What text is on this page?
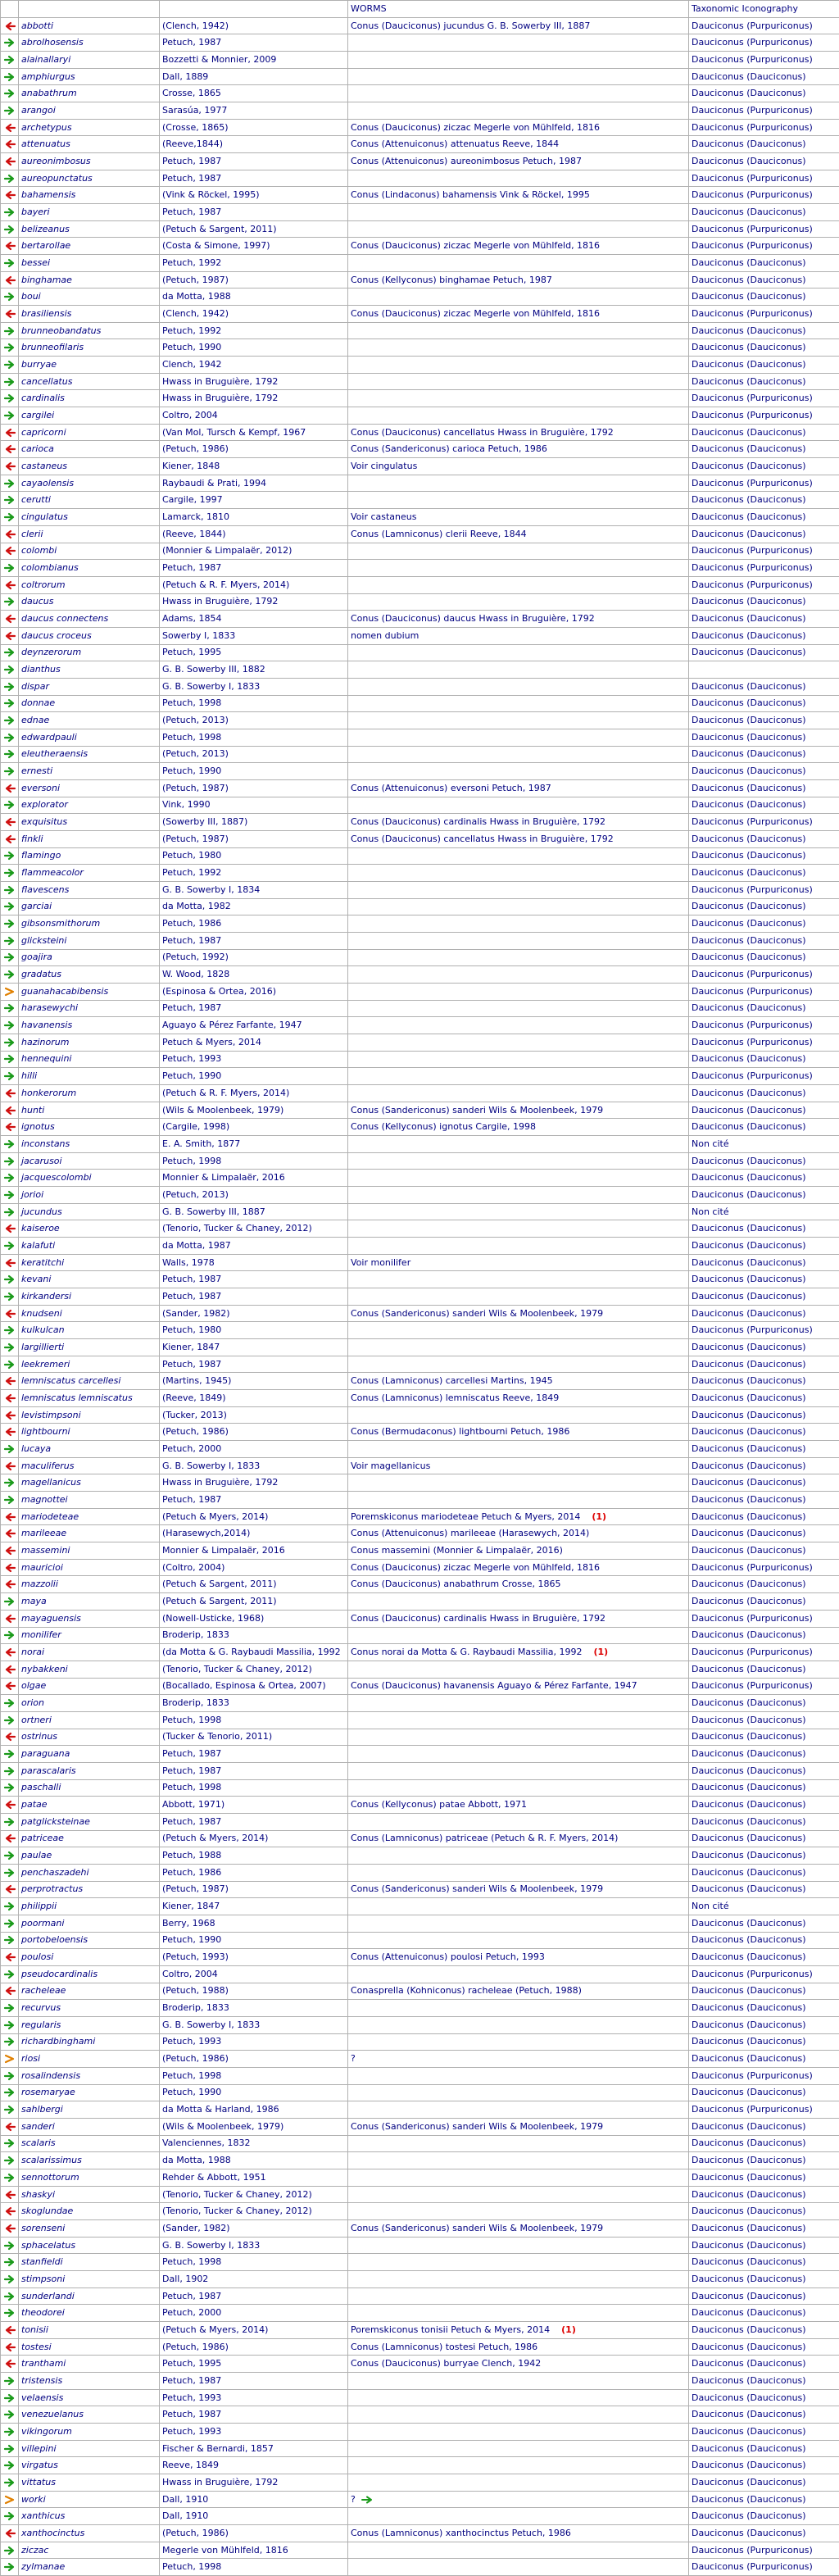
			WORMS	Taxonomic Iconography

	abbotti	(Clench, 1942)	Conus (Dauciconus) jucundus G. B. Sowerby III, 1887	Dauciconus (Purpuriconus)

	abrolhosensis	Petuch, 1987		Dauciconus (Purpuriconus)

	alainallaryi	Bozzetti & Monnier, 2009		Dauciconus (Purpuriconus)

	amphiurgus	Dall, 1889		Dauciconus (Dauciconus)

	anabathrum	Crosse, 1865		Dauciconus (Dauciconus)

	arangoi	Sarasúa, 1977		Dauciconus (Purpuriconus)

	archetypus	(Crosse, 1865)	Conus (Dauciconus) ziczac Megerle von Mühlfeld, 1816	Dauciconus (Purpuriconus)

	attenuatus	(Reeve,1844)	Conus (Attenuiconus) attenuatus Reeve, 1844	Dauciconus (Dauciconus)

	aureonimbosus	Petuch, 1987	Conus (Attenuiconus) aureonimbosus Petuch, 1987	Dauciconus (Dauciconus)

	aureopunctatus	Petuch, 1987		Dauciconus (Purpuriconus)

	bahamensis	(Vink & Röckel, 1995)	Conus (Lindaconus) bahamensis Vink & Röckel, 1995	Dauciconus (Purpuriconus)

	bayeri	Petuch, 1987		Dauciconus (Dauciconus)

	belizeanus	(Petuch & Sargent, 2011)		Dauciconus (Purpuriconus)

	bertarollae	(Costa & Simone, 1997)	Conus (Dauciconus) ziczac Megerle von Mühlfeld, 1816	Dauciconus (Purpuriconus)

	bessei	Petuch, 1992		Dauciconus (Dauciconus)

	binghamae	(Petuch, 1987)	Conus (Kellyconus) binghamae Petuch, 1987	Dauciconus (Dauciconus)

	boui	da Motta, 1988		Dauciconus (Dauciconus)

	brasiliensis	(Clench, 1942)	Conus (Dauciconus) ziczac Megerle von Mühlfeld, 1816	Dauciconus (Purpuriconus)

	brunneobandatus	Petuch, 1992		Dauciconus (Dauciconus)

	brunneofilaris	Petuch, 1990		Dauciconus (Dauciconus)

	burryae	Clench, 1942		Dauciconus (Dauciconus)

	cancellatus	Hwass in Bruguière, 1792		Dauciconus (Dauciconus)

	cardinalis	Hwass in Bruguière, 1792		Dauciconus (Purpuriconus)

	cargilei	Coltro, 2004		Dauciconus (Purpuriconus)

	capricorni	(Van Mol, Tursch & Kempf, 1967	Conus (Dauciconus) cancellatus Hwass in Bruguière, 1792	Dauciconus (Dauciconus)

	carioca	(Petuch, 1986)	Conus (Sandericonus) carioca Petuch, 1986	Dauciconus (Dauciconus)

	castaneus	Kiener, 1848	Voir cingulatus	Dauciconus (Dauciconus)

	cayaolensis	Raybaudi & Prati, 1994		Dauciconus (Purpuriconus)

	cerutti	Cargile, 1997		Dauciconus (Dauciconus)

	cingulatus	Lamarck, 1810	Voir castaneus	Dauciconus (Dauciconus)

	clerii	(Reeve, 1844)	Conus (Lamniconus) clerii Reeve, 1844	Dauciconus (Dauciconus)

	colombi	(Monnier & Limpalaër, 2012)		Dauciconus (Purpuriconus)

	colombianus	Petuch, 1987		Dauciconus (Purpuriconus)

	coltrorum	(Petuch & R. F. Myers, 2014)		Dauciconus (Purpuriconus)

	daucus	Hwass in Bruguière, 1792		Dauciconus (Dauciconus)

	daucus connectens	Adams, 1854	Conus (Dauciconus) daucus Hwass in Bruguière, 1792	Dauciconus (Dauciconus)

	daucus croceus	Sowerby I, 1833	nomen dubium	Dauciconus (Dauciconus)

	deynzerorum	Petuch, 1995		Dauciconus (Dauciconus)

	dianthus	G. B. Sowerby III, 1882		

	dispar	G. B. Sowerby I, 1833		Dauciconus (Dauciconus)

	donnae	Petuch, 1998		Dauciconus (Dauciconus)

	ednae	(Petuch, 2013)		Dauciconus (Dauciconus)

	edwardpauli	Petuch, 1998		Dauciconus (Dauciconus)

	eleutheraensis	(Petuch, 2013)		Dauciconus (Dauciconus)

	ernesti	Petuch, 1990		Dauciconus (Dauciconus)

	eversoni	(Petuch, 1987)	Conus (Attenuiconus) eversoni Petuch, 1987	Dauciconus (Dauciconus)

	explorator	Vink, 1990		Dauciconus (Dauciconus)

	exquisitus	(Sowerby III, 1887)	Conus (Dauciconus) cardinalis Hwass in Bruguière, 1792	Dauciconus (Purpuriconus)

	finkli	(Petuch, 1987)	Conus (Dauciconus) cancellatus Hwass in Bruguière, 1792	Dauciconus (Dauciconus)

	flamingo	Petuch, 1980		Dauciconus (Dauciconus)

	flammeacolor	Petuch, 1992		Dauciconus (Dauciconus)

	flavescens	G. B. Sowerby I, 1834		Dauciconus (Purpuriconus)

	garciai	da Motta, 1982		Dauciconus (Dauciconus)

	gibsonsmithorum	Petuch, 1986		Dauciconus (Dauciconus)

	glicksteini	Petuch, 1987		Dauciconus (Dauciconus)

	goajira	(Petuch, 1992)		Dauciconus (Dauciconus)

	gradatus	W. Wood, 1828		Dauciconus (Purpuriconus)

	guanahacabibensis	(Espinosa & Ortea, 2016)		Dauciconus (Purpuriconus)

	harasewychi	Petuch, 1987		Dauciconus (Dauciconus)

	havanensis	Aguayo & Pérez Farfante, 1947		Dauciconus (Purpuriconus)

	hazinorum	Petuch & Myers, 2014		Dauciconus (Purpuriconus)

	hennequini	Petuch, 1993		Dauciconus (Dauciconus)

	hilli	Petuch, 1990		Dauciconus (Purpuriconus)

	honkerorum	(Petuch & R. F. Myers, 2014)		Dauciconus (Dauciconus)

	hunti	(Wils & Moolenbeek, 1979)	Conus (Sandericonus) sanderi Wils & Moolenbeek, 1979	Dauciconus (Dauciconus)

	ignotus	(Cargile, 1998)	Conus (Kellyconus) ignotus Cargile, 1998	Dauciconus (Dauciconus)

	inconstans	E. A. Smith, 1877		Non cité

	jacarusoi	Petuch, 1998		Dauciconus (Dauciconus)

	jacquescolombi	Monnier & Limpalaër, 2016		Dauciconus (Dauciconus)

	jorioi	(Petuch, 2013)		Dauciconus (Dauciconus)

	jucundus	G. B. Sowerby III, 1887		Non cité

	kaiseroe	(Tenorio, Tucker & Chaney, 2012)		Dauciconus (Dauciconus)

	kalafuti	da Motta, 1987		Dauciconus (Dauciconus)

	keratitchi	Walls, 1978	Voir monilifer	Dauciconus (Dauciconus)

	kevani	Petuch, 1987		Dauciconus (Dauciconus)

	kirkandersi	Petuch, 1987		Dauciconus (Dauciconus)

	knudseni	(Sander, 1982)	Conus (Sandericonus) sanderi Wils & Moolenbeek, 1979	Dauciconus (Dauciconus)

	kulkulcan	Petuch, 1980		Dauciconus (Purpuriconus)

	largillierti	Kiener, 1847		Dauciconus (Dauciconus)

	leekremeri	Petuch, 1987		Dauciconus (Dauciconus)

	lemniscatus carcellesi	(Martins, 1945)	Conus (Lamniconus) carcellesi Martins, 1945	Dauciconus (Dauciconus)

	lemniscatus lemniscatus	(Reeve, 1849)	Conus (Lamniconus) lemniscatus Reeve, 1849	Dauciconus (Dauciconus)

	levistimpsoni	(Tucker, 2013)		Dauciconus (Dauciconus)

	lightbourni	(Petuch, 1986)	Conus (Bermudaconus) lightbourni Petuch, 1986	Dauciconus (Dauciconus)

	lucaya	Petuch, 2000		Dauciconus (Dauciconus)

	maculiferus	G. B. Sowerby I, 1833	Voir magellanicus	Dauciconus (Dauciconus)

	magellanicus	Hwass in Bruguière, 1792		Dauciconus (Dauciconus)

	magnottei	Petuch, 1987		Dauciconus (Dauciconus)

	mariodeteae	(Petuch & Myers, 2014)	Poremskiconus mariodeteae Petuch & Myers, 2014 (1)	Dauciconus (Dauciconus)

	marileeae	(Harasewych,2014)	Conus (Attenuiconus) marileeae (Harasewych, 2014)	Dauciconus (Dauciconus)

	massemini	Monnier & Limpalaër, 2016	Conus massemini (Monnier & Limpalaër, 2016)	Dauciconus (Dauciconus)

	mauricioi	(Coltro, 2004)	Conus (Dauciconus) ziczac Megerle von Mühlfeld, 1816	Dauciconus (Purpuriconus)

	mazzolii	(Petuch & Sargent, 2011)	Conus (Dauciconus) anabathrum Crosse, 1865	Dauciconus (Dauciconus)

	maya	(Petuch & Sargent, 2011)		Dauciconus (Dauciconus)

	mayaguensis	(Nowell-Usticke, 1968)	Conus (Dauciconus) cardinalis Hwass in Bruguière, 1792	Dauciconus (Purpuriconus)

	monilifer	Broderip, 1833		Dauciconus (Dauciconus)

	norai	(da Motta & G. Raybaudi Massilia, 1992	Conus norai da Motta & G. Raybaudi Massilia, 1992 (1)	Dauciconus (Purpuriconus)

	nybakkeni	(Tenorio, Tucker & Chaney, 2012)		Dauciconus (Dauciconus)

	olgae	(Bocallado, Espinosa & Ortea, 2007)	Conus (Dauciconus) havanensis Aguayo & Pérez Farfante, 1947	Dauciconus (Purpuriconus)

	orion	Broderip, 1833		Dauciconus (Dauciconus)

	ortneri	Petuch, 1998		Dauciconus (Dauciconus)

	ostrinus	(Tucker & Tenorio, 2011)		Dauciconus (Dauciconus)

	paraguana	Petuch, 1987		Dauciconus (Dauciconus)

	parascalaris	Petuch, 1987		Dauciconus (Dauciconus)

	paschalli	Petuch, 1998		Dauciconus (Dauciconus)

	patae	Abbott, 1971)	Conus (Kellyconus) patae Abbott, 1971	Dauciconus (Dauciconus)

	patglicksteinae	Petuch, 1987		Dauciconus (Dauciconus)

	patriceae	(Petuch & Myers, 2014)	Conus (Lamniconus) patriceae (Petuch & R. F. Myers, 2014)	Dauciconus (Dauciconus)

	paulae	Petuch, 1988		Dauciconus (Dauciconus)

	penchaszadehi	Petuch, 1986		Dauciconus (Dauciconus)

	perprotractus	(Petuch, 1987)	Conus (Sandericonus) sanderi Wils & Moolenbeek, 1979	Dauciconus (Dauciconus)

	philippii	Kiener, 1847		Non cité

	poormani	Berry, 1968		Dauciconus (Dauciconus)

	portobeloensis	Petuch, 1990		Dauciconus (Dauciconus)

	poulosi	(Petuch, 1993)	Conus (Attenuiconus) poulosi Petuch, 1993	Dauciconus (Dauciconus)

	pseudocardinalis	Coltro, 2004		Dauciconus (Purpuriconus)

	racheleae	(Petuch, 1988)	Conasprella (Kohniconus) racheleae (Petuch, 1988)	Dauciconus (Dauciconus)

	recurvus	Broderip, 1833		Dauciconus (Dauciconus)

	regularis	G. B. Sowerby I, 1833		Dauciconus (Dauciconus)

	richardbinghami	Petuch, 1993		Dauciconus (Dauciconus)

	riosi	(Petuch, 1986)	?	Dauciconus (Dauciconus)

	rosalindensis	Petuch, 1998		Dauciconus (Purpuriconus)

	rosemaryae	Petuch, 1990		Dauciconus (Dauciconus)

	sahlbergi	da Motta & Harland, 1986		Dauciconus (Purpuriconus)

	sanderi	(Wils & Moolenbeek, 1979)	Conus (Sandericonus) sanderi Wils & Moolenbeek, 1979	Dauciconus (Dauciconus)

	scalaris	Valenciennes, 1832		Dauciconus (Dauciconus)

	scalarissimus	da Motta, 1988		Dauciconus (Dauciconus)

	sennottorum	Rehder & Abbott, 1951		Dauciconus (Dauciconus)

	shaskyi	(Tenorio, Tucker & Chaney, 2012)		Dauciconus (Dauciconus)

	skoglundae	(Tenorio, Tucker & Chaney, 2012)		Dauciconus (Dauciconus)

	sorenseni	(Sander, 1982)	Conus (Sandericonus) sanderi Wils & Moolenbeek, 1979	Dauciconus (Dauciconus)

	sphacelatus	G. B. Sowerby I, 1833		Dauciconus (Dauciconus)

	stanfieldi	Petuch, 1998		Dauciconus (Dauciconus)

	stimpsoni	Dall, 1902		Dauciconus (Dauciconus)

	sunderlandi	Petuch, 1987		Dauciconus (Dauciconus)

	theodorei	Petuch, 2000		Dauciconus (Dauciconus)

	tonisii	(Petuch & Myers, 2014)	Poremskiconus tonisii Petuch & Myers, 2014 (1)	Dauciconus (Dauciconus)

	tostesi	(Petuch, 1986)	Conus (Lamniconus) tostesi Petuch, 1986	Dauciconus (Dauciconus)

	tranthami	Petuch, 1995	Conus (Dauciconus) burryae Clench, 1942	Dauciconus (Dauciconus)

	tristensis	Petuch, 1987		Dauciconus (Dauciconus)

	velaensis	Petuch, 1993		Dauciconus (Dauciconus)

	venezuelanus	Petuch, 1987		Dauciconus (Dauciconus)

	vikingorum	Petuch, 1993		Dauciconus (Dauciconus)

	villepini	Fischer & Bernardi, 1857		Dauciconus (Dauciconus)

	virgatus	Reeve, 1849		Dauciconus (Dauciconus)

	vittatus	Hwass in Bruguière, 1792		Dauciconus (Dauciconus)

	worki	Dall, 1910	?	Dauciconus (Dauciconus)

	xanthicus	Dall, 1910		Dauciconus (Dauciconus)

	xanthocinctus	(Petuch, 1986)	Conus (Lamniconus) xanthocinctus Petuch, 1986	Dauciconus (Dauciconus)

	ziczac	Megerle von Mühlfeld, 1816		Dauciconus (Purpuriconus)

	zylmanae	Petuch, 1998		Dauciconus (Purpuriconus)
